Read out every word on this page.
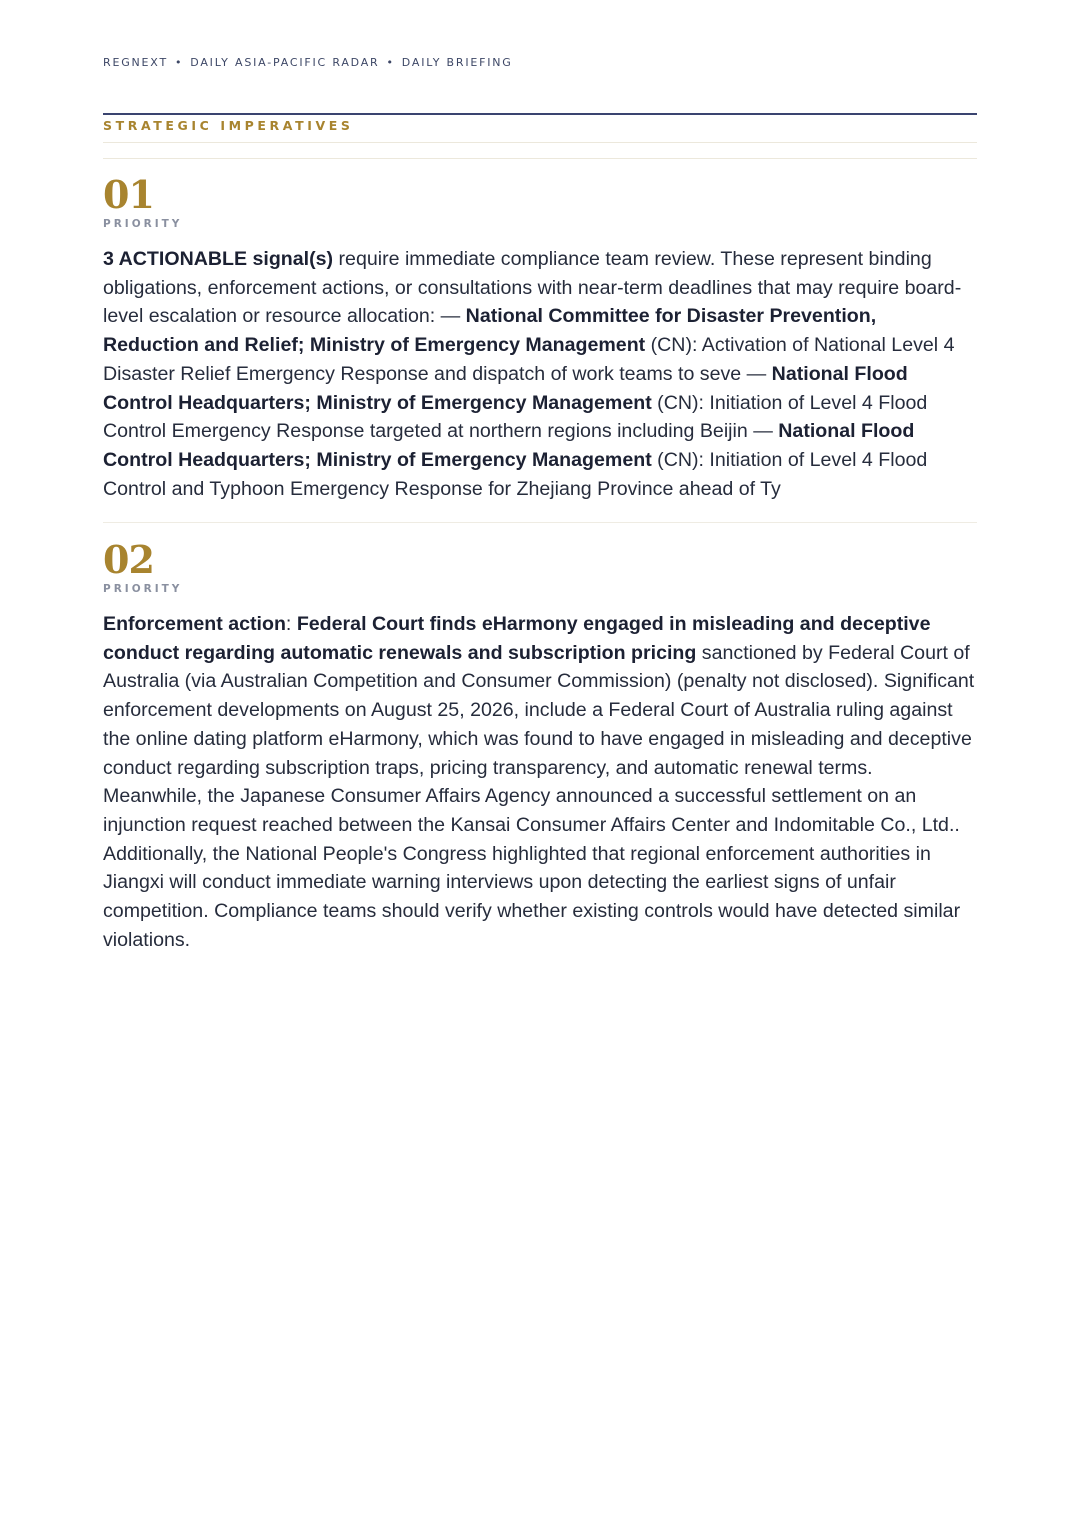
REGNEXT • DAILY ASIA-PACIFIC RADAR • DAILY BRIEFING
STRATEGIC IMPERATIVES
01
PRIORITY
3 ACTIONABLE signal(s) require immediate compliance team review. These represent binding obligations, enforcement actions, or consultations with near-term deadlines that may require board-level escalation or resource allocation: — National Committee for Disaster Prevention, Reduction and Relief; Ministry of Emergency Management (CN): Activation of National Level 4 Disaster Relief Emergency Response and dispatch of work teams to seve — National Flood Control Headquarters; Ministry of Emergency Management (CN): Initiation of Level 4 Flood Control Emergency Response targeted at northern regions including Beijin — National Flood Control Headquarters; Ministry of Emergency Management (CN): Initiation of Level 4 Flood Control and Typhoon Emergency Response for Zhejiang Province ahead of Ty
02
PRIORITY
Enforcement action: Federal Court finds eHarmony engaged in misleading and deceptive conduct regarding automatic renewals and subscription pricing sanctioned by Federal Court of Australia (via Australian Competition and Consumer Commission) (penalty not disclosed). Significant enforcement developments on August 25, 2026, include a Federal Court of Australia ruling against the online dating platform eHarmony, which was found to have engaged in misleading and deceptive conduct regarding subscription traps, pricing transparency, and automatic renewal terms. Meanwhile, the Japanese Consumer Affairs Agency announced a successful settlement on an injunction request reached between the Kansai Consumer Affairs Center and Indomitable Co., Ltd.. Additionally, the National People's Congress highlighted that regional enforcement authorities in Jiangxi will conduct immediate warning interviews upon detecting the earliest signs of unfair competition. Compliance teams should verify whether existing controls would have detected similar violations.
